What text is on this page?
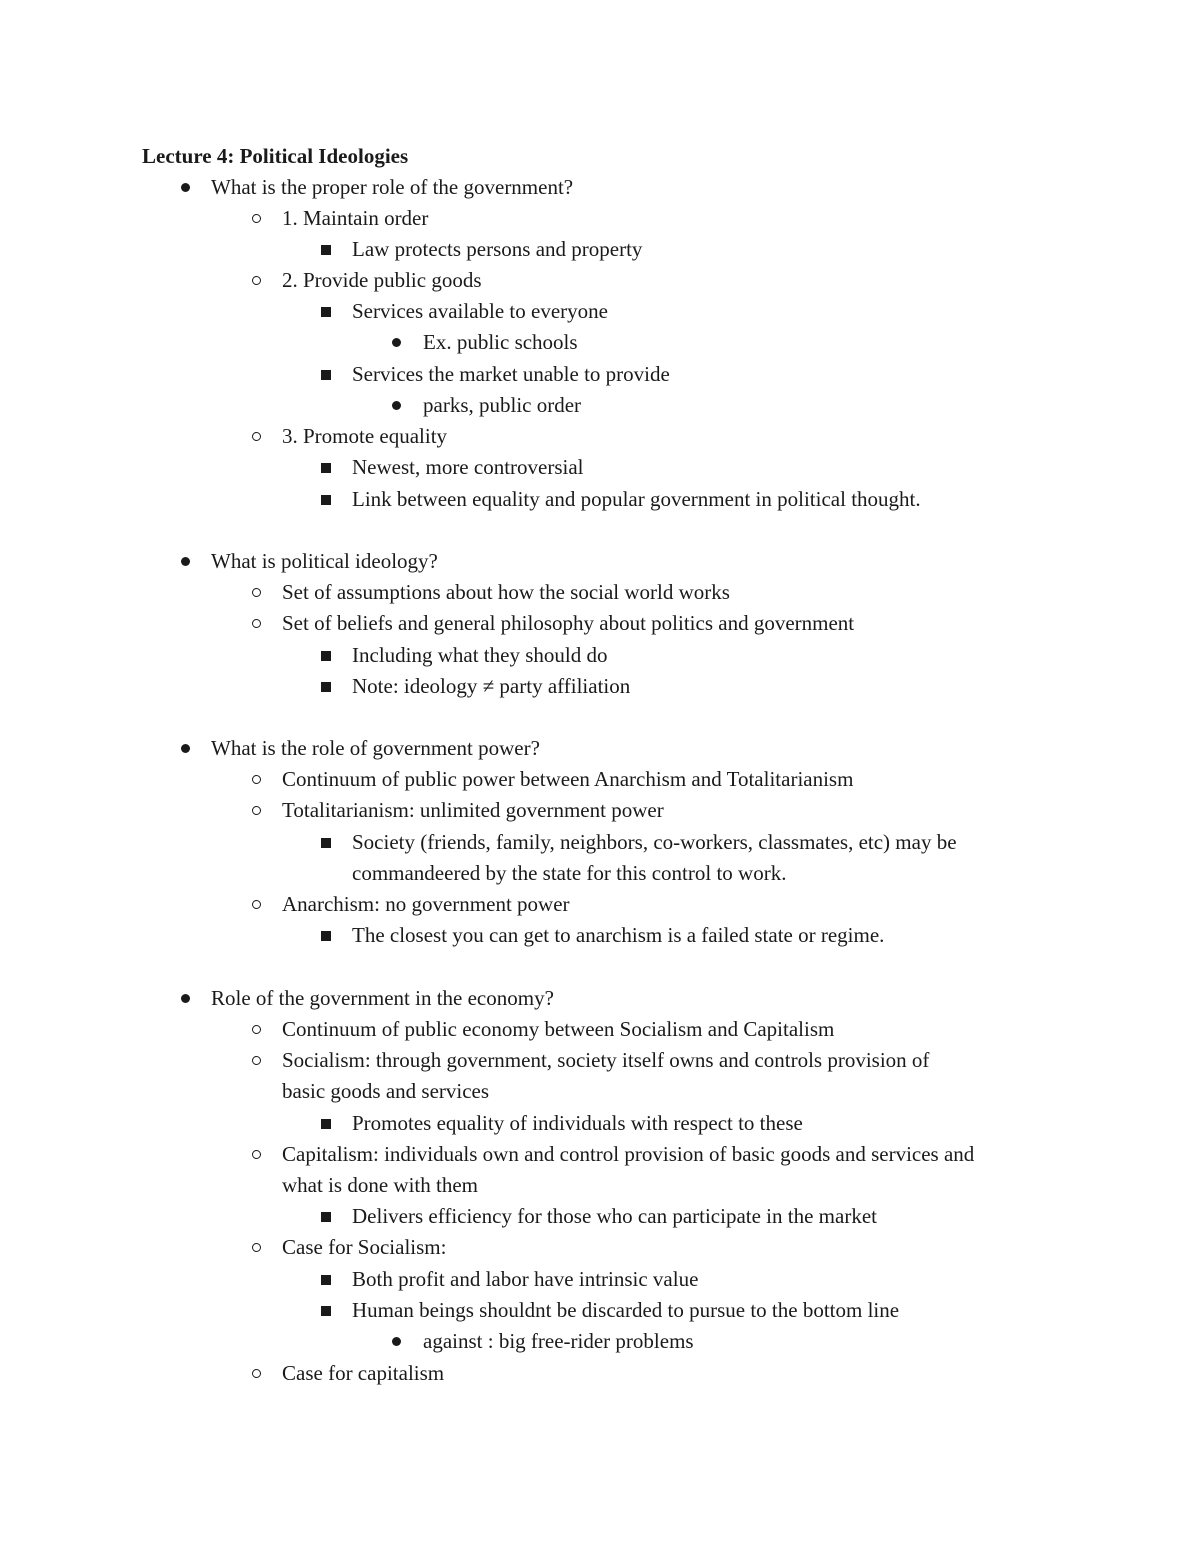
Lecture 4: Political Ideologies
What is the proper role of the government?
1. Maintain order
Law protects persons and property
2. Provide public goods
Services available to everyone
Ex. public schools
Services the market unable to provide
parks, public order
3. Promote equality
Newest, more controversial
Link between equality and popular government in political thought.
What is political ideology?
Set of assumptions about how the social world works
Set of beliefs and general philosophy about politics and government
Including what they should do
Note: ideology ≠ party affiliation
What is the role of government power?
Continuum of public power between Anarchism and Totalitarianism
Totalitarianism: unlimited government power
Society (friends, family, neighbors, co-workers, classmates, etc) may be
commandeered by the state for this control to work.
Anarchism: no government power
The closest you can get to anarchism is a failed state or regime.
Role of the government in the economy?
Continuum of public economy between Socialism and Capitalism
Socialism: through government, society itself owns and controls provision of
basic goods and services
Promotes equality of individuals with respect to these
Capitalism: individuals own and control provision of basic goods and services and
what is done with them
Delivers efficiency for those who can participate in the market
Case for Socialism:
Both profit and labor have intrinsic value
Human beings shouldnt be discarded to pursue to the bottom line
against : big free-rider problems
Case for capitalism
